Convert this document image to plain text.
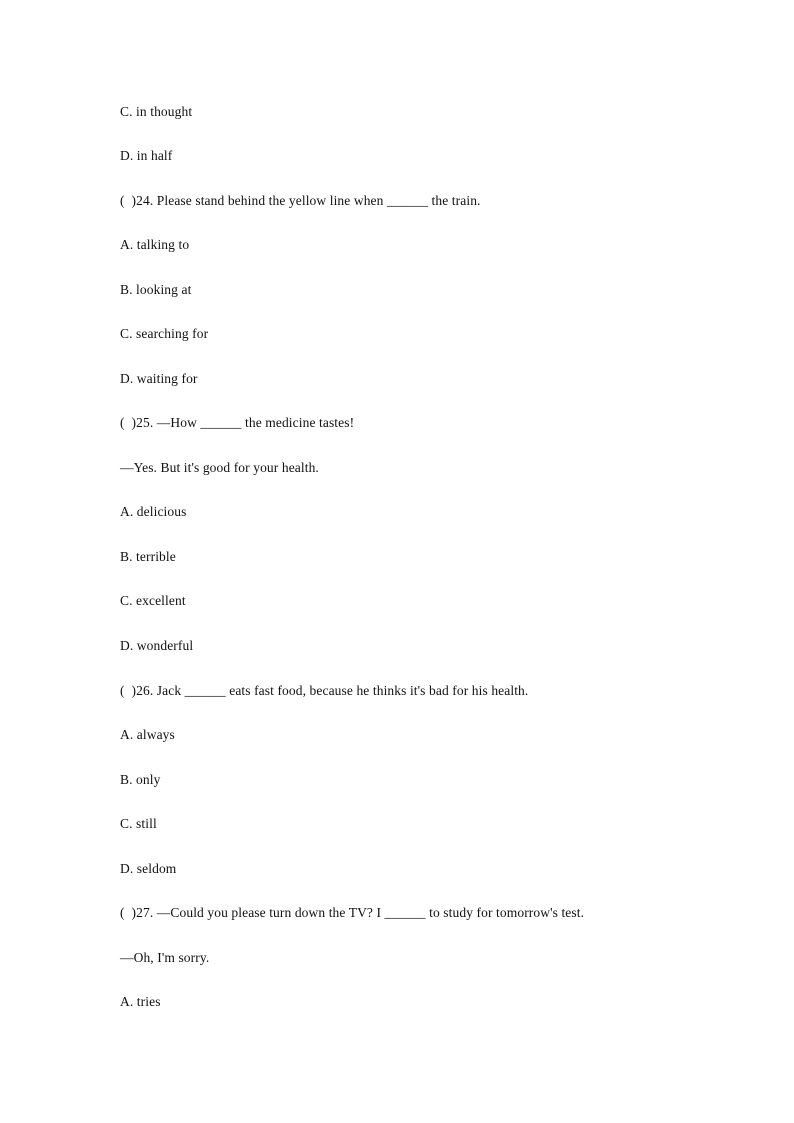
C. in thought
D. in half
(  )24. Please stand behind the yellow line when ______ the train.
A. talking to
B. looking at
C. searching for
D. waiting for
(  )25. —How ______ the medicine tastes!
—Yes. But it's good for your health.
A. delicious
B. terrible
C. excellent
D. wonderful
(  )26. Jack ______ eats fast food, because he thinks it's bad for his health.
A. always
B. only
C. still
D. seldom
(  )27. —Could you please turn down the TV? I ______ to study for tomorrow's test.
—Oh, I'm sorry.
A. tries
